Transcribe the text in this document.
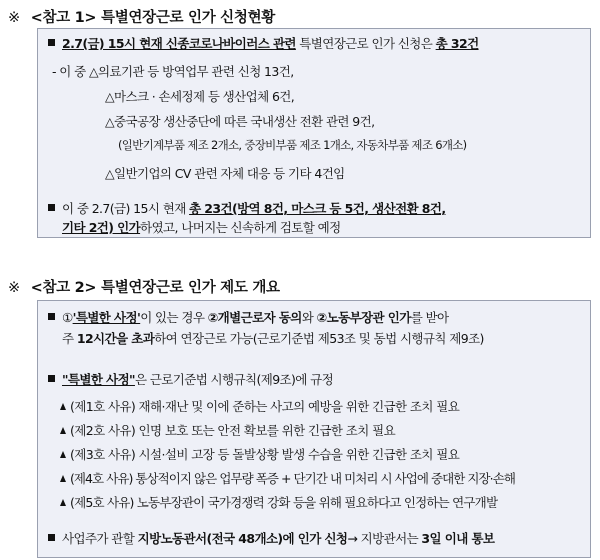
※ <참고 1> 특별연장근로 인가 신청현황
2.7(금) 15시 현재 신종코로나바이러스 관련 특별연장근로 인가 신청은 총 32건
- 이 중 △의료기관 등 방역업무 관련 신청 13건,
△마스크 · 손세정제 등 생산업체 6건,
△중국공장 생산중단에 따른 국내생산 전환 관련 9건,
(일반기계부품 제조 2개소, 중장비부품 제조 1개소, 자동차부품 제조 6개소)
△일반기업의 CV 관련 자체 대응 등 기타 4건임
이 중 2.7(금) 15시 현재 총 23건(방역 8건, 마스크 등 5건, 생산전환 8건,
기타 2건) 인가하였고, 나머지는 신속하게 검토할 예정
※ <참고 2> 특별연장근로 인가 제도 개요
①'특별한 사정'이 있는 경우 ②개별근로자 동의와 ②노동부장관 인가를 받아
주 12시간을 초과하여 연장근로 가능(근로기준법 제53조 및 동법 시행규칙 제9조)
"특별한 사정"은 근로기준법 시행규칙(제9조)에 규정
(제1호 사유) 재해·재난 및 이에 준하는 사고의 예방을 위한 긴급한 조치 필요
(제2호 사유) 인명 보호 또는 안전 확보를 위한 긴급한 조치 필요
(제3호 사유) 시설·설비 고장 등 돌발상황 발생 수습을 위한 긴급한 조치 필요
(제4호 사유) 통상적이지 않은 업무량 폭증 + 단기간 내 미처리 시 사업에 중대한 지장·손해
(제5호 사유) 노동부장관이 국가경쟁력 강화 등을 위해 필요하다고 인정하는 연구개발
사업주가 관할 지방노동관서(전국 48개소)에 인가 신청→ 지방관서는 3일 이내 통보
